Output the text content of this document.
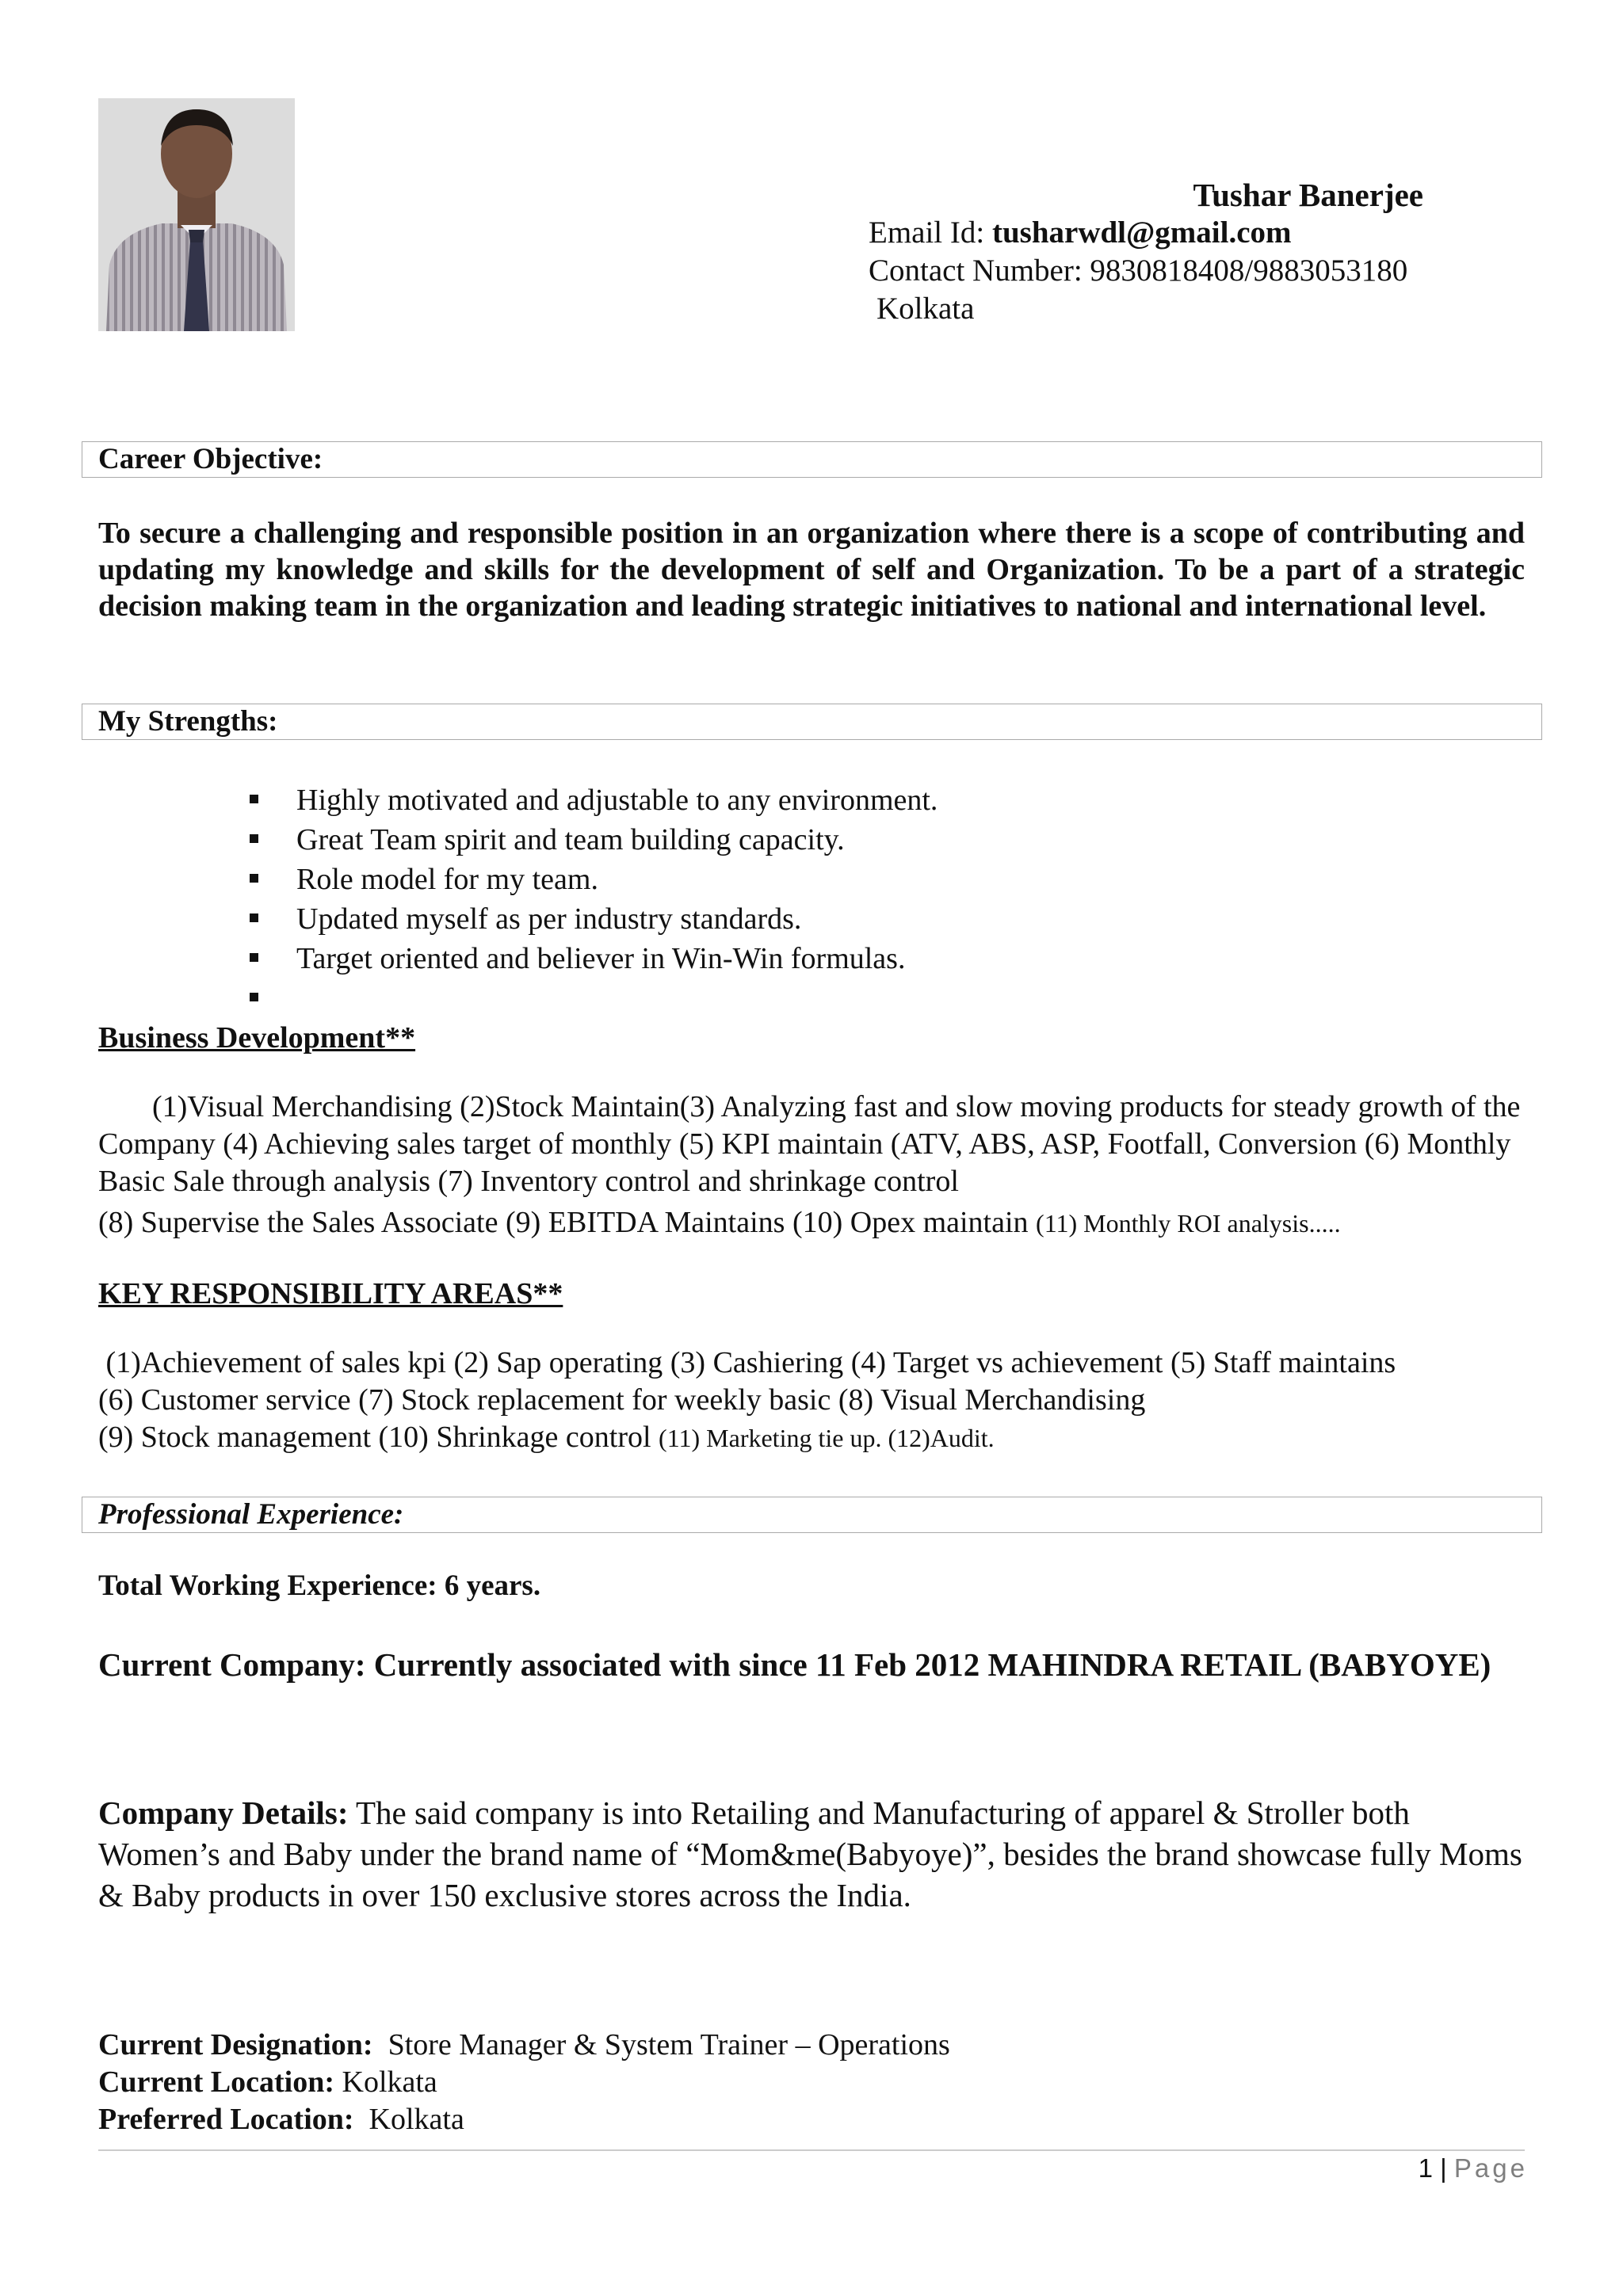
Tushar Banerjee
Email Id: tusharwdl@gmail.com
Contact Number: 9830818408/9883053180
Kolkata
Career Objective:
To secure a challenging and responsible position in an organization where there is a scope of contributing and updating my knowledge and skills for the development of self and Organization. To be a part of a strategic decision making team in the organization and leading strategic initiatives to national and international level.
My Strengths:
Highly motivated and adjustable to any environment.
Great Team spirit and team building capacity.
Role model for my team.
Updated myself as per industry standards.
Target oriented and believer in Win-Win formulas.
Business Development**
(1)Visual Merchandising (2)Stock Maintain(3) Analyzing fast and slow moving products for steady growth of the Company (4) Achieving sales target of monthly (5) KPI maintain (ATV, ABS, ASP, Footfall, Conversion (6) Monthly Basic Sale through analysis (7) Inventory control and shrinkage control
(8) Supervise the Sales Associate (9) EBITDA Maintains (10) Opex maintain (11) Monthly ROI analysis.....
KEY RESPONSIBILITY AREAS**
(1)Achievement of sales kpi (2) Sap operating (3) Cashiering (4) Target vs achievement (5) Staff maintains
(6) Customer service (7) Stock replacement for weekly basic (8) Visual Merchandising
(9) Stock management (10) Shrinkage control (11) Marketing tie up. (12)Audit.
Professional Experience:
Total Working Experience: 6 years.
Current Company: Currently associated with since 11 Feb 2012 MAHINDRA RETAIL (BABYOYE)
Company Details: The said company is into Retailing and Manufacturing of apparel & Stroller both Women’s and Baby under the brand name of “Mom&me(Babyoye)”, besides the brand showcase fully Moms & Baby products in over 150 exclusive stores across the India.
Current Designation:  Store Manager & System Trainer – Operations
Current Location: Kolkata
Preferred Location:  Kolkata
1 | Page
